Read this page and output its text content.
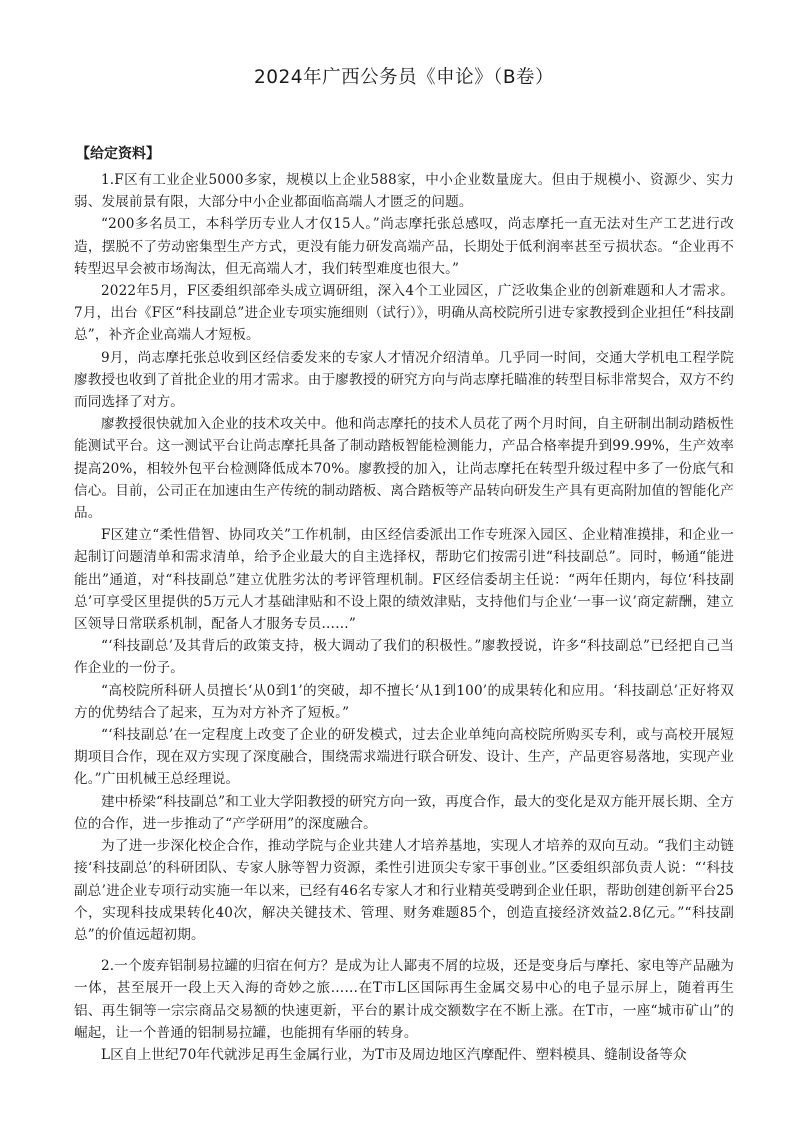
2024年广西公务员《申论》（B卷）
【给定资料】

1.F区有工业企业5000多家，规模以上企业588家，中小企业数量庞大。但由于规模小、资源少、实力弱、发展前景有限，大部分中小企业都面临高端人才匮乏的问题。

“200多名员工，本科学历专业人才仅15人。”尚志摩托张总感叹，尚志摩托一直无法对生产工艺进行改造，摆脱不了劳动密集型生产方式，更没有能力研发高端产品，长期处于低利润率甚至亏损状态。“企业再不转型迟早会被市场淘汰，但无高端人才，我们转型难度也很大。”

2022年5月，F区委组织部牵头成立调研组，深入4个工业园区，广泛收集企业的创新难题和人才需求。7月，出台《F区“科技副总”进企业专项实施细则（试行）》，明确从高校院所引进专家教授到企业担任“科技副总”，补齐企业高端人才短板。

9月，尚志摩托张总收到区经信委发来的专家人才情况介绍清单。几乎同一时间，交通大学机电工程学院廖教授也收到了首批企业的用才需求。由于廖教授的研究方向与尚志摩托瞄准的转型目标非常契合，双方不约而同选择了对方。

廖教授很快就加入企业的技术攻关中。他和尚志摩托的技术人员花了两个月时间，自主研制出制动踏板性能测试平台。这一测试平台让尚志摩托具备了制动踏板智能检测能力，产品合格率提升到99.99%，生产效率提高20%，相较外包平台检测降低成本70%。廖教授的加入，让尚志摩托在转型升级过程中多了一份底气和信心。目前，公司正在加速由生产传统的制动踏板、离合踏板等产品转向研发生产具有更高附加值的智能化产品。

F区建立“柔性借智、协同攻关”工作机制，由区经信委派出工作专班深入园区、企业精准摸排，和企业一起制订问题清单和需求清单，给予企业最大的自主选择权，帮助它们按需引进“科技副总”。同时，畅通“能进能出”通道，对“科技副总”建立优胜劣汰的考评管理机制。F区经信委胡主任说：“两年任期内，每位‘科技副总’可享受区里提供的5万元人才基础津贴和不设上限的绩效津贴，支持他们与企业‘一事一议’商定薪酬，建立区领导日常联系机制，配备人才服务专员……”

“‘科技副总’及其背后的政策支持，极大调动了我们的积极性。”廖教授说，许多“科技副总”已经把自己当作企业的一份子。

“高校院所科研人员擅长‘从0到1’的突破，却不擅长‘从1到100’的成果转化和应用。‘科技副总’正好将双方的优势结合了起来，互为对方补齐了短板。”

“‘科技副总’在一定程度上改变了企业的研发模式，过去企业单纯向高校院所购买专利，或与高校开展短期项目合作，现在双方实现了深度融合，围绕需求端进行联合研发、设计、生产，产品更容易落地，实现产业化。”广田机械王总经理说。

建中桥梁“科技副总”和工业大学阳教授的研究方向一致，再度合作，最大的变化是双方能开展长期、全方位的合作，进一步推动了“产学研用”的深度融合。

为了进一步深化校企合作，推动学院与企业共建人才培养基地，实现人才培养的双向互动。“我们主动链接‘科技副总’的科研团队、专家人脉等智力资源，柔性引进顶尖专家干事创业。”区委组织部负责人说：“‘科技副总’进企业专项行动实施一年以来，已经有46名专家人才和行业精英受聘到企业任职，帮助创建创新平台25个，实现科技成果转化40次，解决关键技术、管理、财务难题85个，创造直接经济效益2.8亿元。”“科技副总”的价值远超初期。

2.一个废弃铝制易拉罐的归宿在何方？是成为让人鄙夷不屑的垃圾，还是变身后与摩托、家电等产品融为一体，甚至展开一段上天入海的奇妙之旅……在T市L区国际再生金属交易中心的电子显示屏上，随着再生铝、再生铜等一宗宗商品交易额的快速更新，平台的累计成交额数字在不断上涨。在T市，一座“城市矿山”的崛起，让一个普通的铝制易拉罐，也能拥有华丽的转身。

L区自上世纪70年代就涉足再生金属行业，为T市及周边地区汽摩配件、塑料模具、缝制设备等众
